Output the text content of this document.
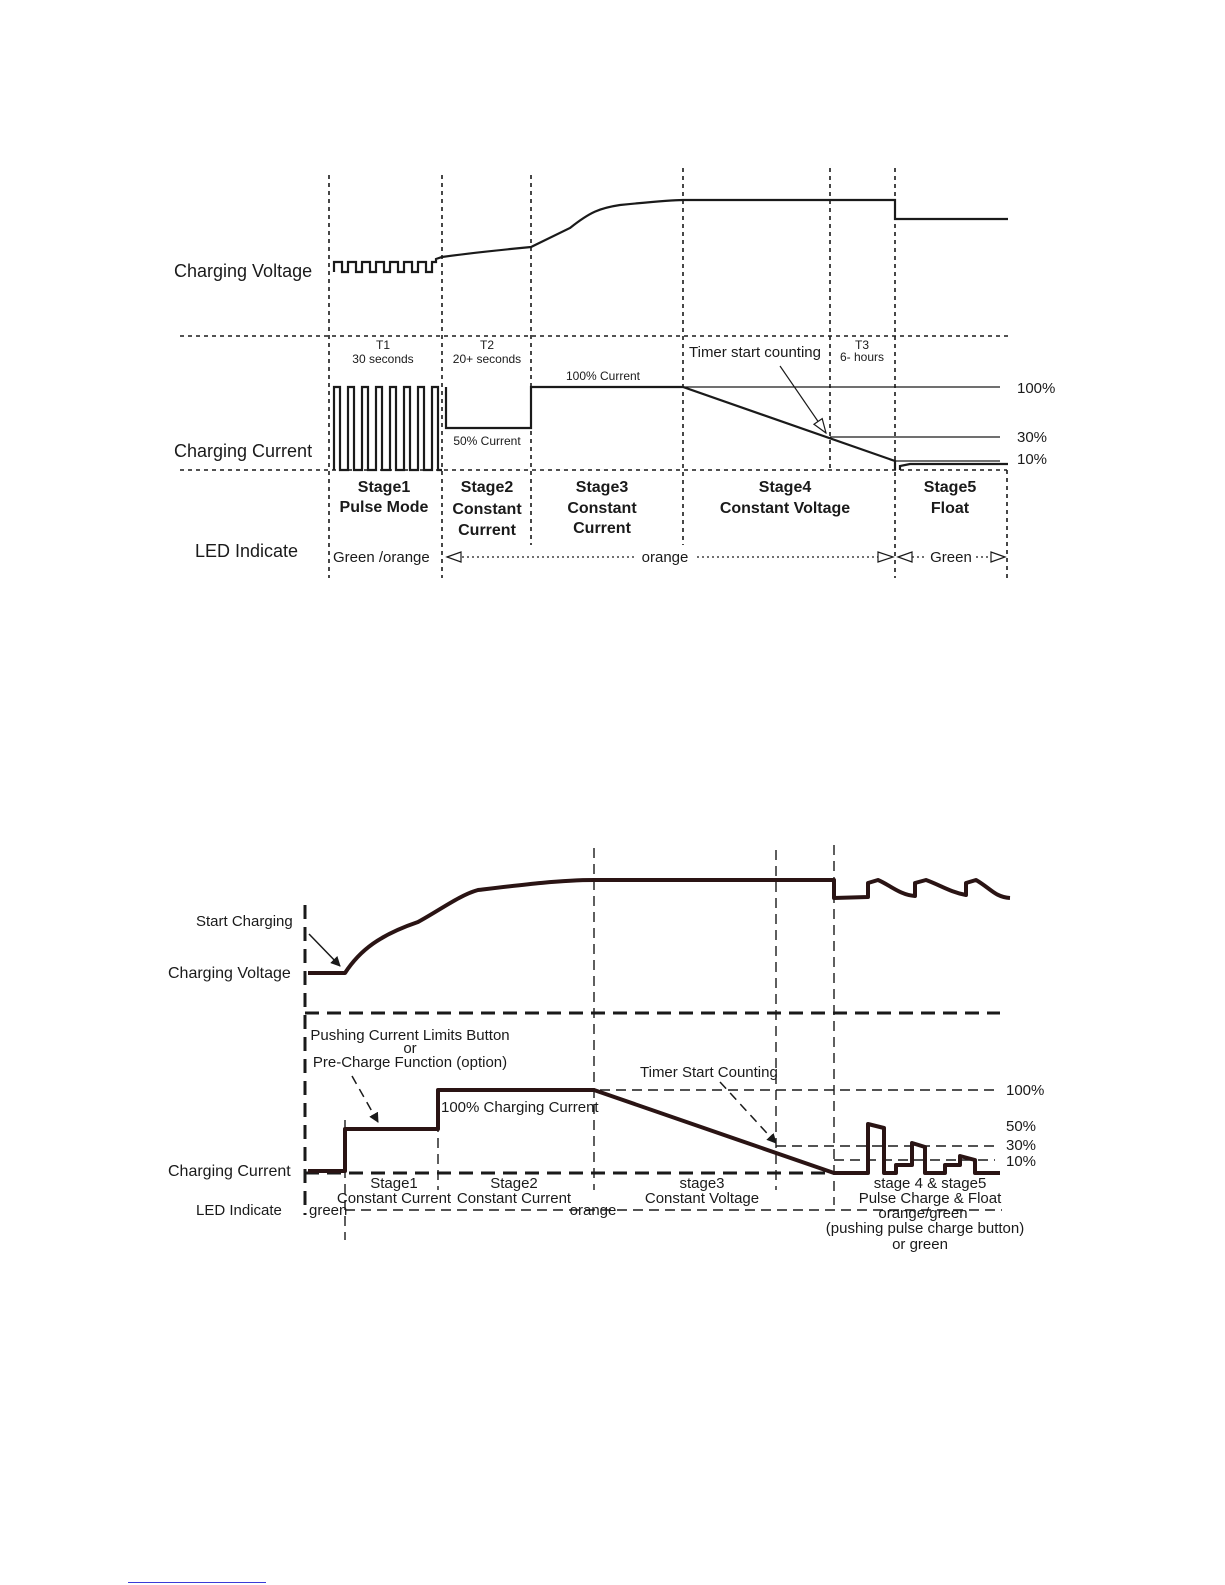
Charging Voltage
Charging Current
LED Indicate
T1
30 seconds
T2
20+ seconds
T3
6- hours
100% Current
50% Current
Timer start counting
100%
30%
10%
Stage1
Pulse Mode
Stage2
Constant
Current
Stage3
Constant
Current
Stage4
Constant Voltage
Stage5
Float
Green /orange	orange	Green
Start Charging
Charging Voltage
Charging Current
LED Indicate
Pushing Current Limits Button
or
Pre-Charge Function (option)
Timer Start Counting
100% Charging Current
100%
50%
30%
10%
Stage1
Constant Current
Stage2
Constant Current
stage3
Constant Voltage
stage 4 & stage5
Pulse Charge & Float
green	orange	orange/green
(pushing pulse charge button)
or green
